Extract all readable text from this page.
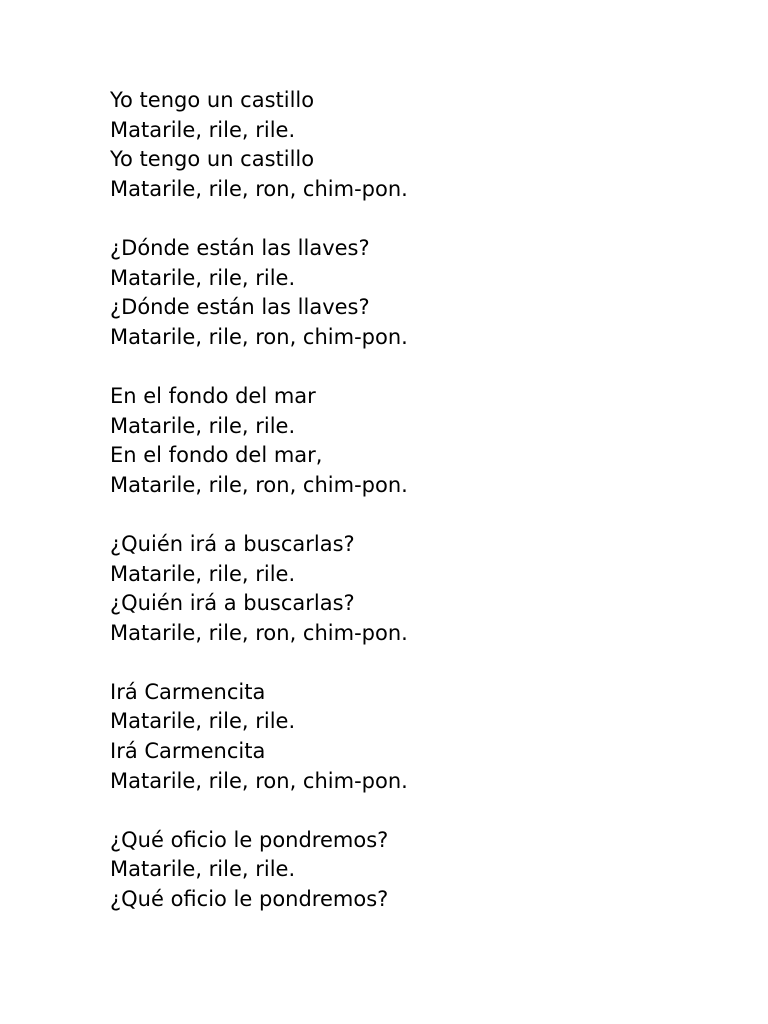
Yo tengo un castillo
Matarile, rile, rile.
Yo tengo un castillo
Matarile, rile, ron, chim-pon.
¿Dónde están las llaves?
Matarile, rile, rile.
¿Dónde están las llaves?
Matarile, rile, ron, chim-pon.
En el fondo del mar
Matarile, rile, rile.
En el fondo del mar,
Matarile, rile, ron, chim-pon.
¿Quién irá a buscarlas?
Matarile, rile, rile.
¿Quién irá a buscarlas?
Matarile, rile, ron, chim-pon.
Irá Carmencita
Matarile, rile, rile.
Irá Carmencita
Matarile, rile, ron, chim-pon.
¿Qué oficio le pondremos?
Matarile, rile, rile.
¿Qué oficio le pondremos?
